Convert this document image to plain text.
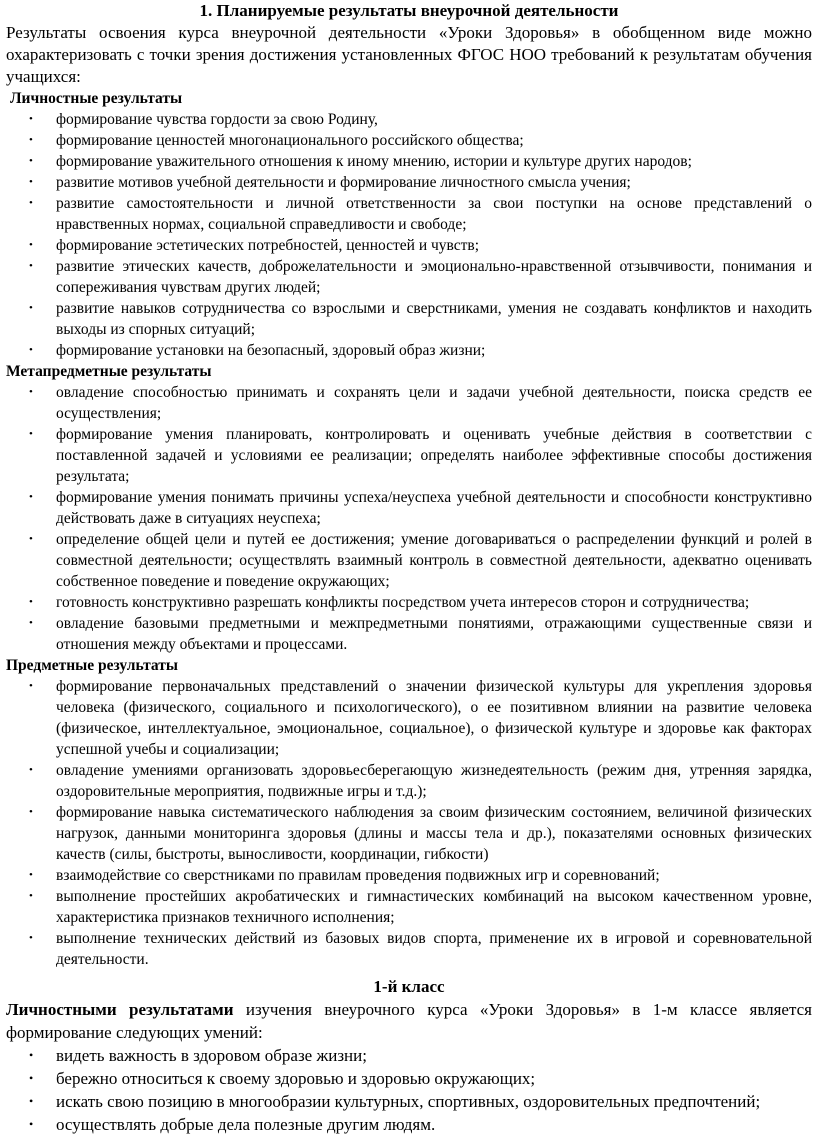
1. Планируемые результаты внеурочной деятельности

Результаты освоения курса внеурочной деятельности «Уроки Здоровья» в обобщенном виде можно охарактеризовать с точки зрения достижения установленных ФГОС НОО требований к результатам обучения учащихся:

Личностные результаты

• формирование чувства гордости за свою Родину,
• формирование ценностей многонационального российского общества;
• формирование уважительного отношения к иному мнению, истории и культуре других народов;
• развитие мотивов учебной деятельности и формирование личностного смысла учения;
• развитие самостоятельности и личной ответственности за свои поступки на основе представлений о нравственных нормах, социальной справедливости и свободе;
• формирование эстетических потребностей, ценностей и чувств;
• развитие этических качеств, доброжелательности и эмоционально-нравственной отзывчивости, понимания и сопереживания чувствам других людей;
• развитие навыков сотрудничества со взрослыми и сверстниками, умения не создавать конфликтов и находить выходы из спорных ситуаций;
• формирование установки на безопасный, здоровый образ жизни;

Метапредметные результаты

• овладение способностью принимать и сохранять цели и задачи учебной деятельности, поиска средств ее осуществления;
• формирование умения планировать, контролировать и оценивать учебные действия в соответствии с поставленной задачей и условиями ее реализации; определять наиболее эффективные способы достижения результата;
• формирование умения понимать причины успеха/неуспеха учебной деятельности и способности конструктивно действовать даже в ситуациях неуспеха;
• определение общей цели и путей ее достижения; умение договариваться о распределении функций и ролей в совместной деятельности; осуществлять взаимный контроль в совместной деятельности, адекватно оценивать собственное поведение и поведение окружающих;
• готовность конструктивно разрешать конфликты посредством учета интересов сторон и сотрудничества;
• овладение базовыми предметными и межпредметными понятиями, отражающими существенные связи и отношения между объектами и процессами.

Предметные результаты

• формирование первоначальных представлений о значении физической культуры для укрепления здоровья человека (физического, социального и психологического), о ее позитивном влиянии на развитие человека (физическое, интеллектуальное, эмоциональное, социальное), о физической культуре и здоровье как факторах успешной учебы и социализации;
• овладение умениями организовать здоровьесберегающую жизнедеятельность (режим дня, утренняя зарядка, оздоровительные мероприятия, подвижные игры и т.д.);
• формирование навыка систематического наблюдения за своим физическим состоянием, величиной физических нагрузок, данными мониторинга здоровья (длины и массы тела и др.), показателями основных физических качеств (силы, быстроты, выносливости, координации, гибкости)
• взаимодействие со сверстниками по правилам проведения подвижных игр и соревнований;
• выполнение простейших акробатических и гимнастических комбинаций на высоком качественном уровне, характеристика признаков техничного исполнения;
• выполнение технических действий из базовых видов спорта, применение их в игровой и соревновательной деятельности.

1-й класс

Личностными результатами изучения внеурочного курса «Уроки Здоровья» в 1-м классе является формирование следующих умений:

• видеть важность в здоровом образе жизни;
• бережно относиться к своему здоровью и здоровью окружающих;
• искать свою позицию в многообразии культурных, спортивных, оздоровительных предпочтений;
• осуществлять добрые дела полезные другим людям.
